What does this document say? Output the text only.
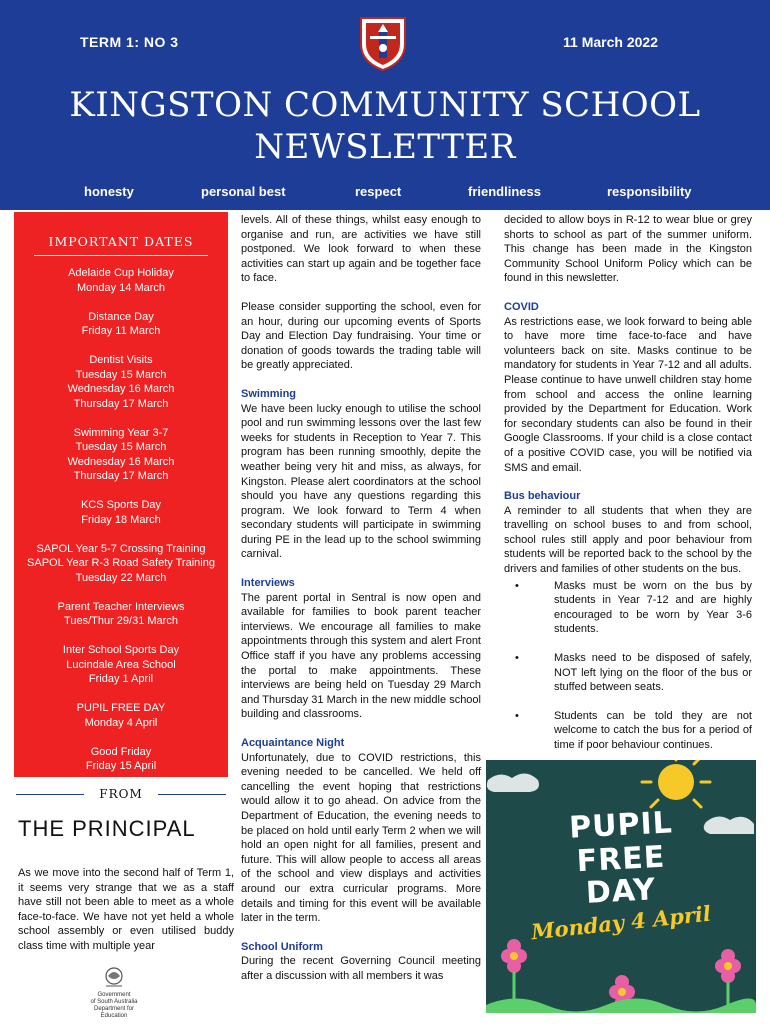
TERM 1: NO 3	11 March 2022
KINGSTON COMMUNITY SCHOOL
NEWSLETTER
honesty	personal best	respect	friendliness	responsibility
IMPORTANT DATES
Adelaide Cup Holiday
Monday 14 March
Distance Day
Friday 11 March
Dentist Visits
Tuesday 15 March
Wednesday 16 March
Thursday 17 March
Swimming Year 3-7
Tuesday 15 March
Wednesday 16 March
Thursday 17 March
KCS Sports Day
Friday 18 March
SAPOL Year 5-7 Crossing Training
SAPOL Year R-3 Road Safety Training
Tuesday 22 March
Parent Teacher Interviews
Tues/Thur 29/31 March
Inter School Sports Day
Lucindale Area School
Friday 1 April
PUPIL FREE DAY
Monday 4 April
Good Friday
Friday 15 April
FROM
THE PRINCIPAL

As we move into the second half of Term 1, it seems very strange that we as a staff have still not been able to meet as a whole face-to-face. We have not yet held a whole school assembly or even utilised buddy class time with multiple year

levels. All of these things, whilst easy enough to organise and run, are activities we have still postponed. We look forward to when these activities can start up again and be together face to face.

Please consider supporting the school, even for an hour, during our upcoming events of Sports Day and Election Day fundraising. Your time or donation of goods towards the trading table will be greatly appreciated.

Swimming

We have been lucky enough to utilise the school pool and run swimming lessons over the last few weeks for students in Reception to Year 7. This program has been running smoothly, depite the weather being very hit and miss, as always, for Kingston. Please alert coordinators at the school should you have any questions regarding this program. We look forward to Term 4 when secondary students will participate in swimming during PE in the lead up to the school swimming carnival.

Interviews

The parent portal in Sentral is now open and available for families to book parent teacher interviews. We encourage all families to make appointments through this system and alert Front Office staff if you have any problems accessing the portal to make appointments. These interviews are being held on Tuesday 29 March and Thursday 31 March in the new middle school building and classrooms.

Acquaintance Night

Unfortunately, due to COVID restrictions, this evening needed to be cancelled. We held off cancelling the event hoping that restrictions would allow it to go ahead. On advice from the Department of Education, the evening needs to be placed on hold until early Term 2 when we will hold an open night for all families, present and future. This will allow people to access all areas of the school and view displays and activities around our extra curricular programs. More details and timing for this event will be available later in the term.

School Uniform

During the recent Governing Council meeting after a discussion with all members it was

decided to allow boys in R-12 to wear blue or grey shorts to school as part of the summer uniform. This change has been made in the Kingston Community School Uniform Policy which can be found in this newsletter.

COVID

As restrictions ease, we look forward to being able to have more time face-to-face and have volunteers back on site. Masks continue to be mandatory for students in Year 7-12 and all adults. Please continue to have unwell children stay home from school and access the online learning provided by the Department for Education. Work for secondary students can also be found in their Google Classrooms. If your child is a close contact of a positive COVID case, you will be notified via SMS and email.

Bus behaviour

A reminder to all students that when they are travelling on school buses to and from school, school rules still apply and poor behaviour from students will be reported back to the school by the drivers and families of other students on the bus.

• Masks must be worn on the bus by students in Year 7-12 and are highly encouraged to be worn by Year 3-6 students.
• Masks need to be disposed of safely, NOT left lying on the floor of the bus or stuffed between seats.
• Students can be told they are not welcome to catch the bus for a period of time if poor behaviour continues.
PUPIL
FREE
DAY
Monday 4 April
Government
of South Australia
Department for Education
